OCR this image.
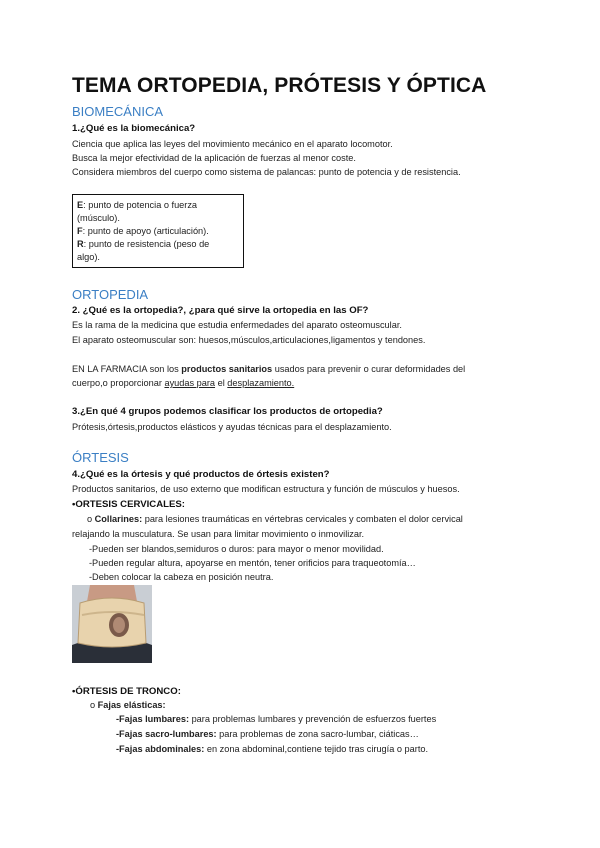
TEMA ORTOPEDIA, PRÓTESIS Y ÓPTICA
BIOMECÁNICA
1.¿Qué es la biomecánica?
Ciencia que aplica las leyes del movimiento mecánico en el aparato locomotor.
Busca la mejor efectividad de la aplicación de fuerzas al menor coste.
Considera miembros del cuerpo como sistema de palancas: punto de potencia y de resistencia.
E: punto de potencia o fuerza
(músculo).
F: punto de apoyo (articulación).
R: punto de resistencia (peso de
algo).
ORTOPEDIA
2. ¿Qué es la ortopedia?, ¿para qué sirve la ortopedia en las OF?
Es la rama de la medicina que estudia enfermedades del aparato osteomuscular.
El aparato osteomuscular son: huesos,músculos,articulaciones,ligamentos y tendones.
EN LA FARMACIA son los productos sanitarios usados para prevenir o curar deformidades del
cuerpo,o proporcionar ayudas para el desplazamiento.
3.¿En qué 4 grupos podemos clasificar los productos de ortopedia?
Prótesis,órtesis,productos elásticos y ayudas técnicas para el desplazamiento.
ÓRTESIS
4.¿Qué es la órtesis y qué productos de órtesis existen?
Productos sanitarios, de uso externo que modifican estructura y función de músculos y huesos.
•ORTESIS CERVICALES:
o Collarines: para lesiones traumáticas en vértebras cervicales y combaten el dolor cervical
relajando la musculatura. Se usan para limitar movimiento o inmovilizar.
-Pueden ser blandos,semiduros o duros: para mayor o menor movilidad.
-Pueden regular altura, apoyarse en mentón, tener orificios para traqueotomía…
-Deben colocar la cabeza en posición neutra.
•ÓRTESIS DE TRONCO:
o Fajas elásticas:
-Fajas lumbares: para problemas lumbares y prevención de esfuerzos fuertes
-Fajas sacro-lumbares: para problemas de zona sacro-lumbar, ciáticas…
-Fajas abdominales: en zona abdominal,contiene tejido tras cirugía o parto.
